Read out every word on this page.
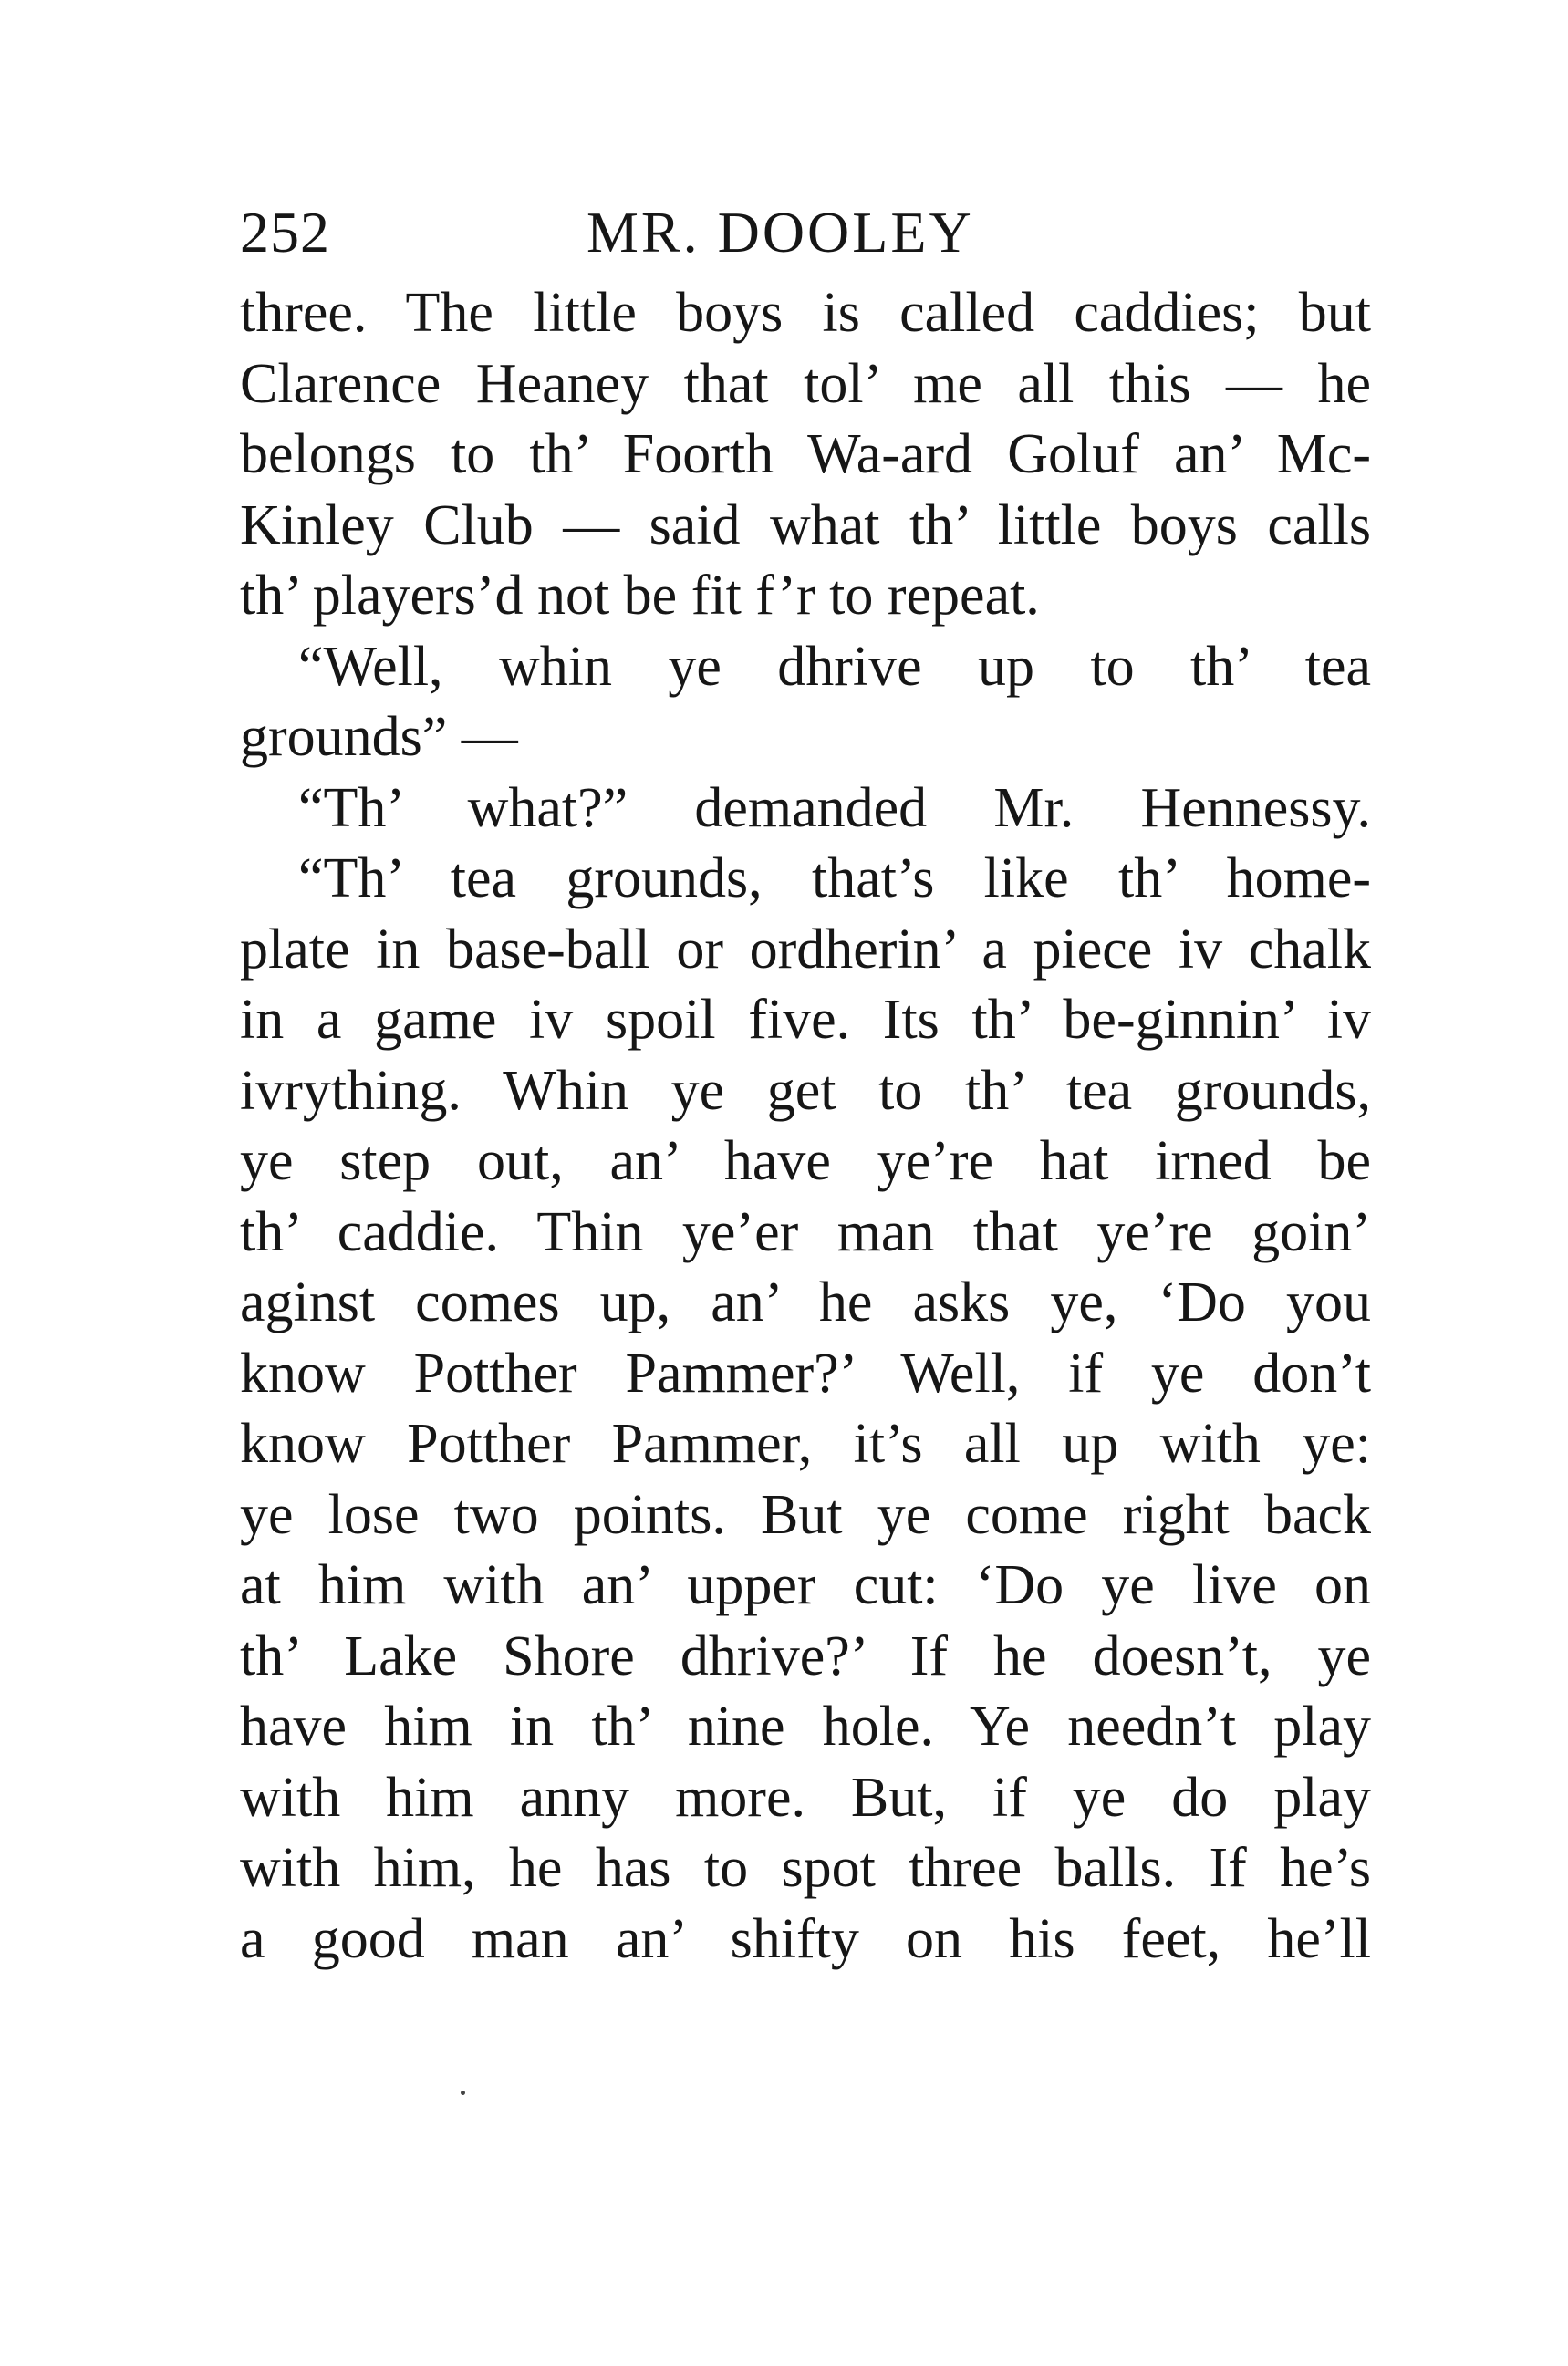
252	MR. DOOLEY
three. The little boys is called caddies; but
Clarence Heaney that tol’ me all this — he
belongs to th’ Foorth Wa-ard Goluf an’ Mc-
Kinley Club — said what th’ little boys calls
th’ players’d not be fit f’r to repeat.
“Well, whin ye dhrive up to th’ tea
grounds” —
“Th’ what?” demanded Mr. Hennessy.
“Th’ tea grounds, that’s like th’ home-
plate in base-ball or ordherin’ a piece iv chalk
in a game iv spoil five. Its th’ be-ginnin’ iv
ivrything. Whin ye get to th’ tea grounds,
ye step out, an’ have ye’re hat irned be
th’ caddie. Thin ye’er man that ye’re goin’
aginst comes up, an’ he asks ye, ‘Do you
know Potther Pammer?’ Well, if ye don’t
know Potther Pammer, it’s all up with ye:
ye lose two points. But ye come right back
at him with an’ upper cut: ‘Do ye live on
th’ Lake Shore dhrive?’ If he doesn’t, ye
have him in th’ nine hole. Ye needn’t play
with him anny more. But, if ye do play
with him, he has to spot three balls. If he’s
a good man an’ shifty on his feet, he’ll
